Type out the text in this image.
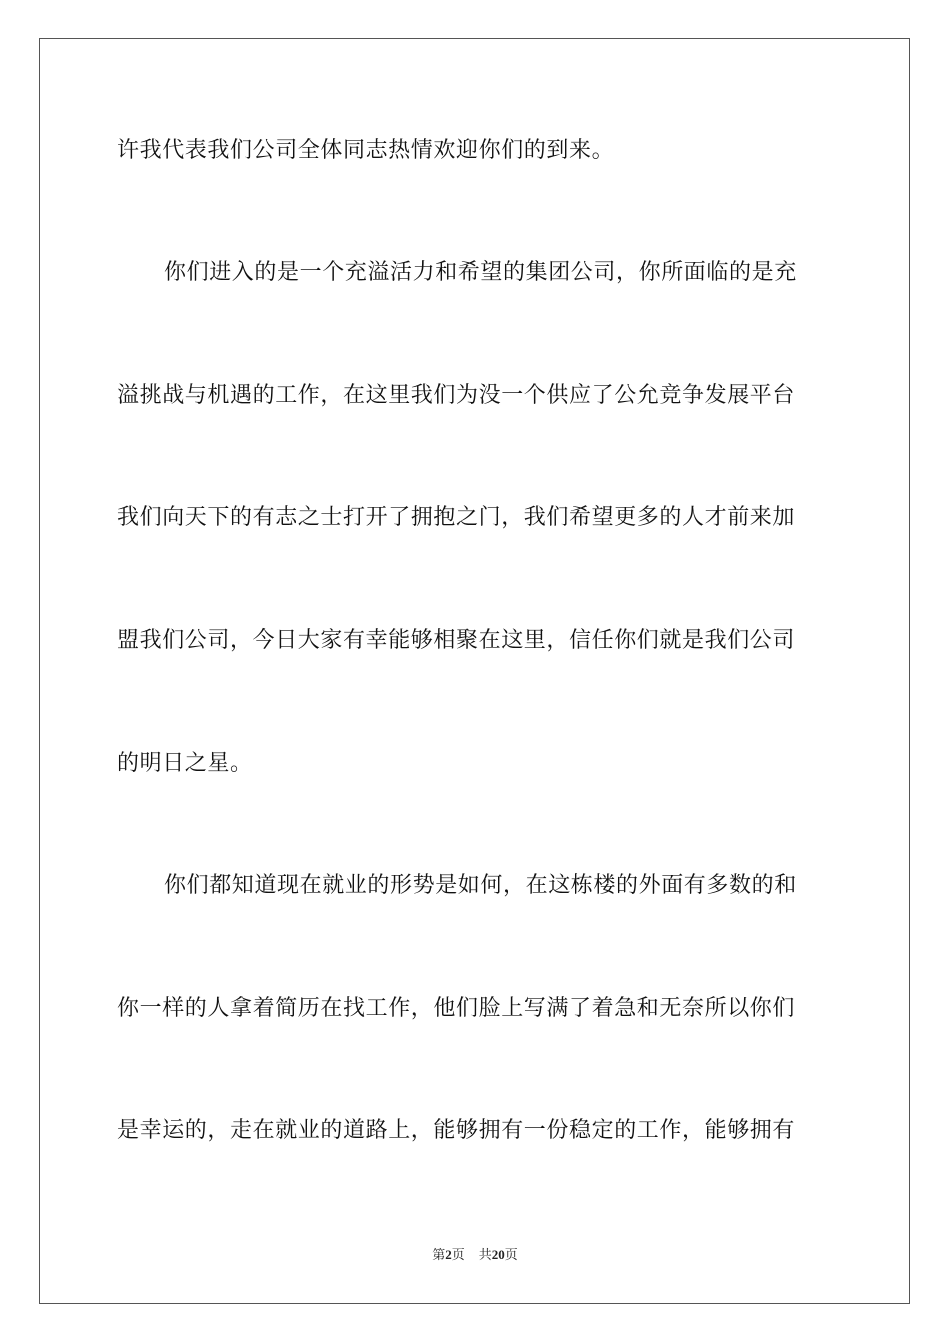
许我代表我们公司全体同志热情欢迎你们的到来。
你们进入的是一个充溢活力和希望的集团公司，你所面临的是充
溢挑战与机遇的工作，在这里我们为没一个供应了公允竞争发展平台
我们向天下的有志之士打开了拥抱之门，我们希望更多的人才前来加
盟我们公司，今日大家有幸能够相聚在这里，信任你们就是我们公司
的明日之星。
你们都知道现在就业的形势是如何，在这栋楼的外面有多数的和
你一样的人拿着简历在找工作，他们脸上写满了着急和无奈所以你们
是幸运的，走在就业的道路上，能够拥有一份稳定的工作，能够拥有
第2页 共20页
